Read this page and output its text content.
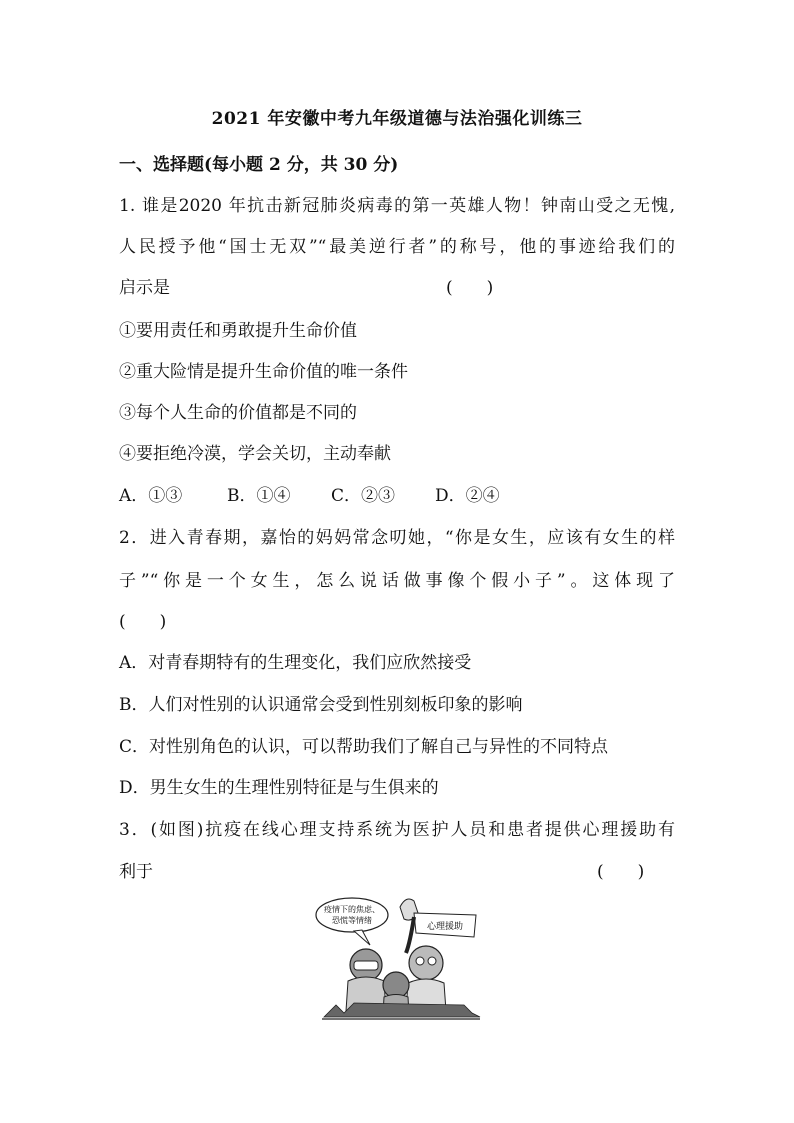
2021 年安徽中考九年级道德与法治强化训练三
一、选择题(每小题 2 分，共 30 分)
1. 谁是2020 年抗击新冠肺炎病毒的第一英雄人物！钟南山受之无愧,
人民授予他“国士无双”“最美逆行者”的称号，他的事迹给我们的
启示是	(　　)
①要用责任和勇敢提升生命价值
②重大险情是提升生命价值的唯一条件
③每个人生命的价值都是不同的
④要拒绝冷漠，学会关切，主动奉献
A．①③	B．①④ C．②③ D．②④
2．进入青春期，嘉怡的妈妈常念叨她，“你是女生，应该有女生的样
子”“你是一个女生，怎么说话做事像个假小子”。这体现了
(　　)
A．对青春期特有的生理变化，我们应欣然接受
B．人们对性别的认识通常会受到性别刻板印象的影响
C．对性别角色的认识，可以帮助我们了解自己与异性的不同特点
D．男生女生的生理性别特征是与生俱来的
3．(如图)抗疫在线心理支持系统为医护人员和患者提供心理援助有
利于	(　　)
疫情下的焦虑、
恐慌等情绪
心理援助
